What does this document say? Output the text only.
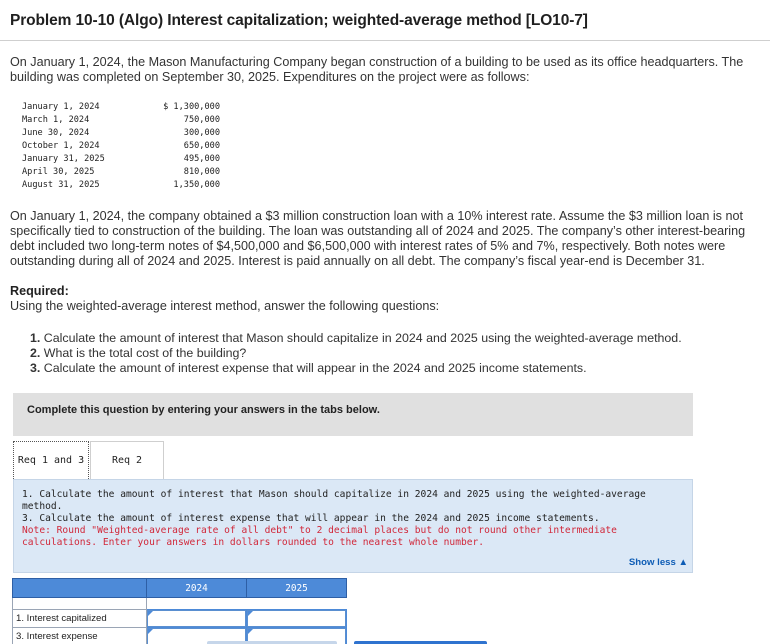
Problem 10-10 (Algo) Interest capitalization; weighted-average method [LO10-7]
On January 1, 2024, the Mason Manufacturing Company began construction of a building to be used as its office headquarters. The building was completed on September 30, 2025. Expenditures on the project were as follows:
January 1, 2024	$ 1,300,000
March 1, 2024	750,000
June 30, 2024	300,000
October 1, 2024	650,000
January 31, 2025	495,000
April 30, 2025	810,000
August 31, 2025	1,350,000
On January 1, 2024, the company obtained a $3 million construction loan with a 10% interest rate. Assume the $3 million loan is not specifically tied to construction of the building. The loan was outstanding all of 2024 and 2025. The company’s other interest-bearing debt included two long-term notes of $4,500,000 and $6,500,000 with interest rates of 5% and 7%, respectively. Both notes were outstanding during all of 2024 and 2025. Interest is paid annually on all debt. The company’s fiscal year-end is December 31.
Required:
Using the weighted-average interest method, answer the following questions:
1. Calculate the amount of interest that Mason should capitalize in 2024 and 2025 using the weighted-average method.
2. What is the total cost of the building?
3. Calculate the amount of interest expense that will appear in the 2024 and 2025 income statements.
Complete this question by entering your answers in the tabs below.
Req 1 and 3	Req 2
1. Calculate the amount of interest that Mason should capitalize in 2024 and 2025 using the weighted-average method.
3. Calculate the amount of interest expense that will appear in the 2024 and 2025 income statements.
Note: Round "Weighted-average rate of all debt" to 2 decimal places but do not round other intermediate calculations. Enter your answers in dollars rounded to the nearest whole number.
Show less ▲
	2024	2025

1. Interest capitalized	

3. Interest expense	
